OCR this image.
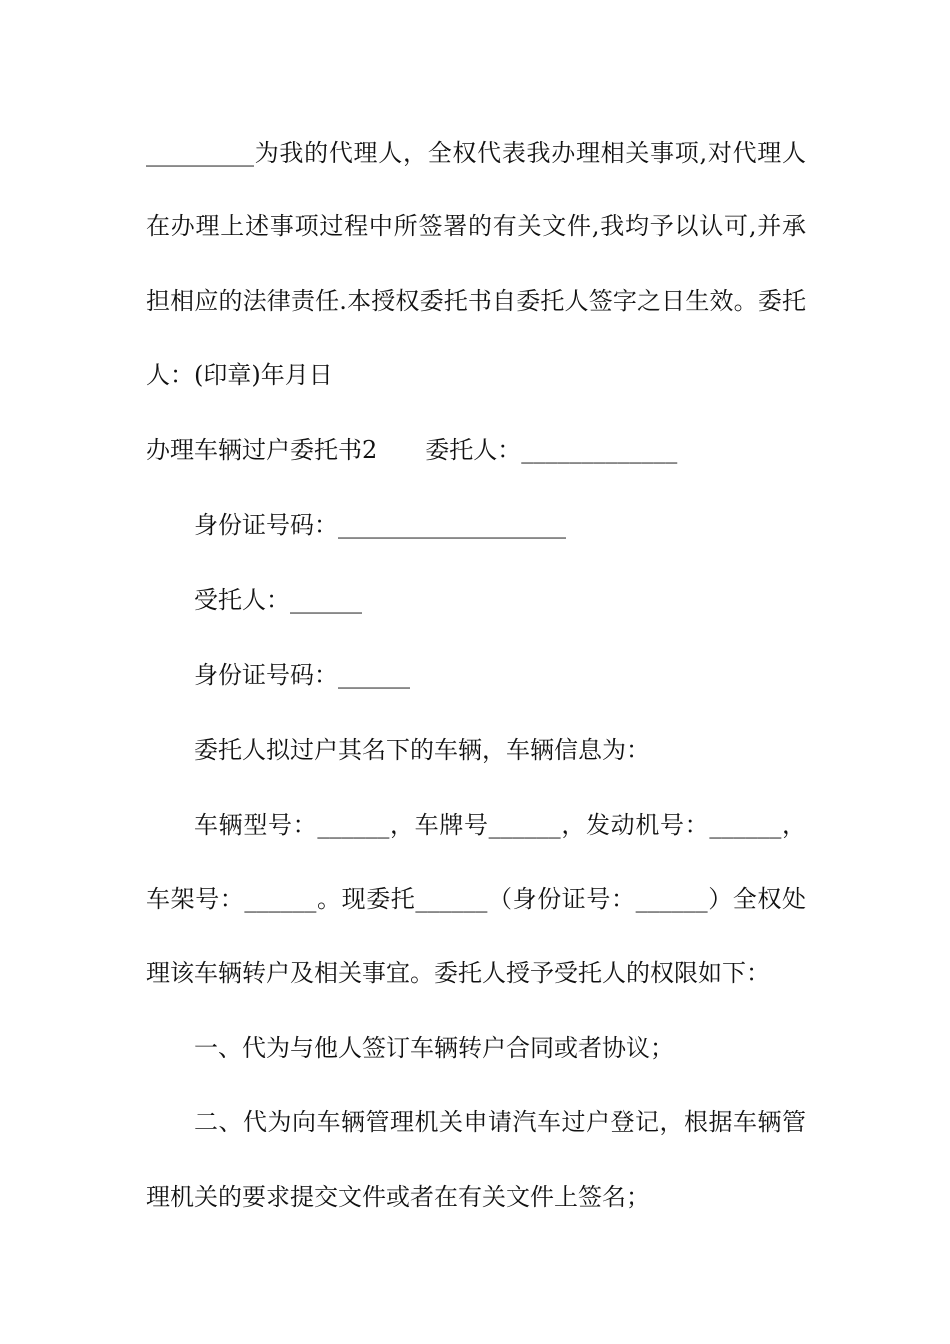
_________为我的代理人，全权代表我办理相关事项,对代理人
在办理上述事项过程中所签署的有关文件,我均予以认可,并承
担相应的法律责任.本授权委托书自委托人签字之日生效。委托
人：(印章)年月日
办理车辆过户委托书2　　委托人：_____________
身份证号码：___________________
受托人：______
身份证号码：______
委托人拟过户其名下的车辆，车辆信息为：
车辆型号：______，车牌号______，发动机号：______，
车架号：______。现委托______（身份证号：______）全权处
理该车辆转户及相关事宜。委托人授予受托人的权限如下：
一、代为与他人签订车辆转户合同或者协议；
二、代为向车辆管理机关申请汽车过户登记，根据车辆管
理机关的要求提交文件或者在有关文件上签名；
